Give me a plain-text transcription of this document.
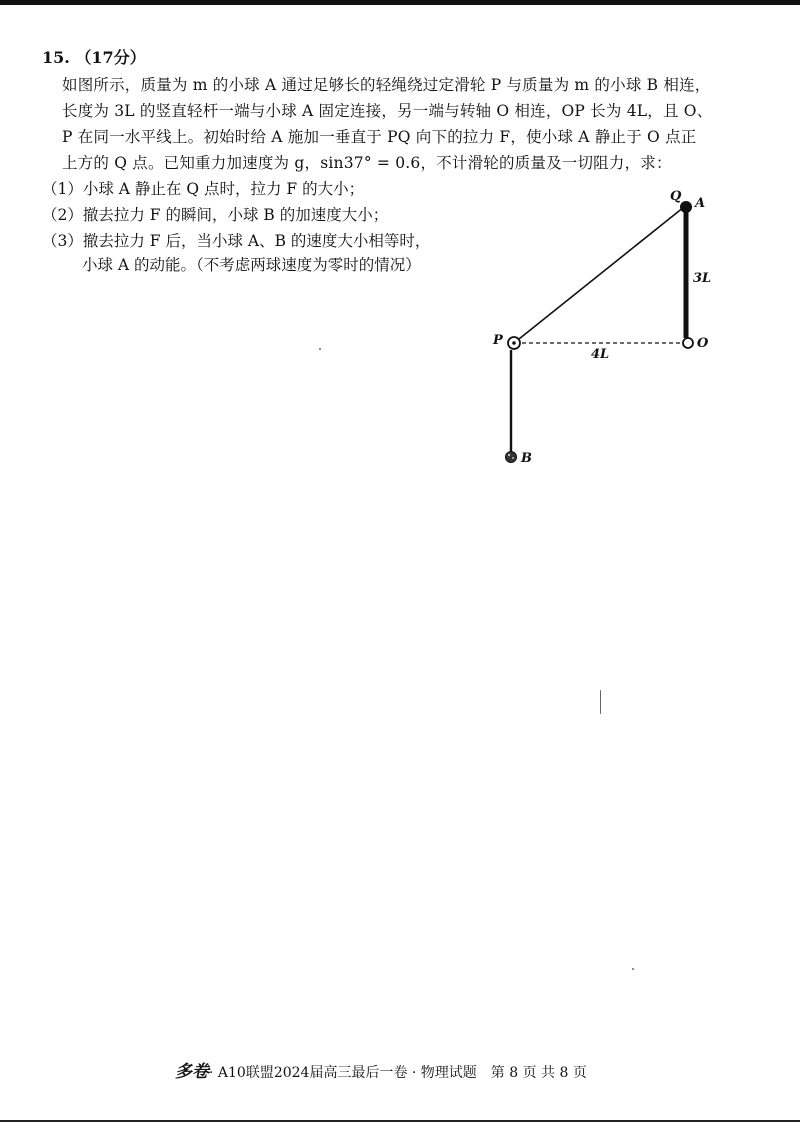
15. （17分）
如图所示，质量为 m 的小球 A 通过足够长的轻绳绕过定滑轮 P 与质量为 m 的小球 B 相连，
长度为 3L 的竖直轻杆一端与小球 A 固定连接，另一端与转轴 O 相连，OP 长为 4L，且 O、
P 在同一水平线上。初始时给 A 施加一垂直于 PQ 向下的拉力 F，使小球 A 静止于 O 点正
上方的 Q 点。已知重力加速度为 g，sin37° = 0.6，不计滑轮的质量及一切阻力，求：
（1）小球 A 静止在 Q 点时，拉力 F 的大小；
（2）撤去拉力 F 的瞬间，小球 B 的加速度大小；
（3）撤去拉力 F 后，当小球 A、B 的速度大小相等时，
小球 A 的动能。（不考虑两球速度为零时的情况）
Q A
3L
P
4L
O
B
多卷· A10联盟2024届高三最后一卷 · 物理试题　第 8 页 共 8 页
